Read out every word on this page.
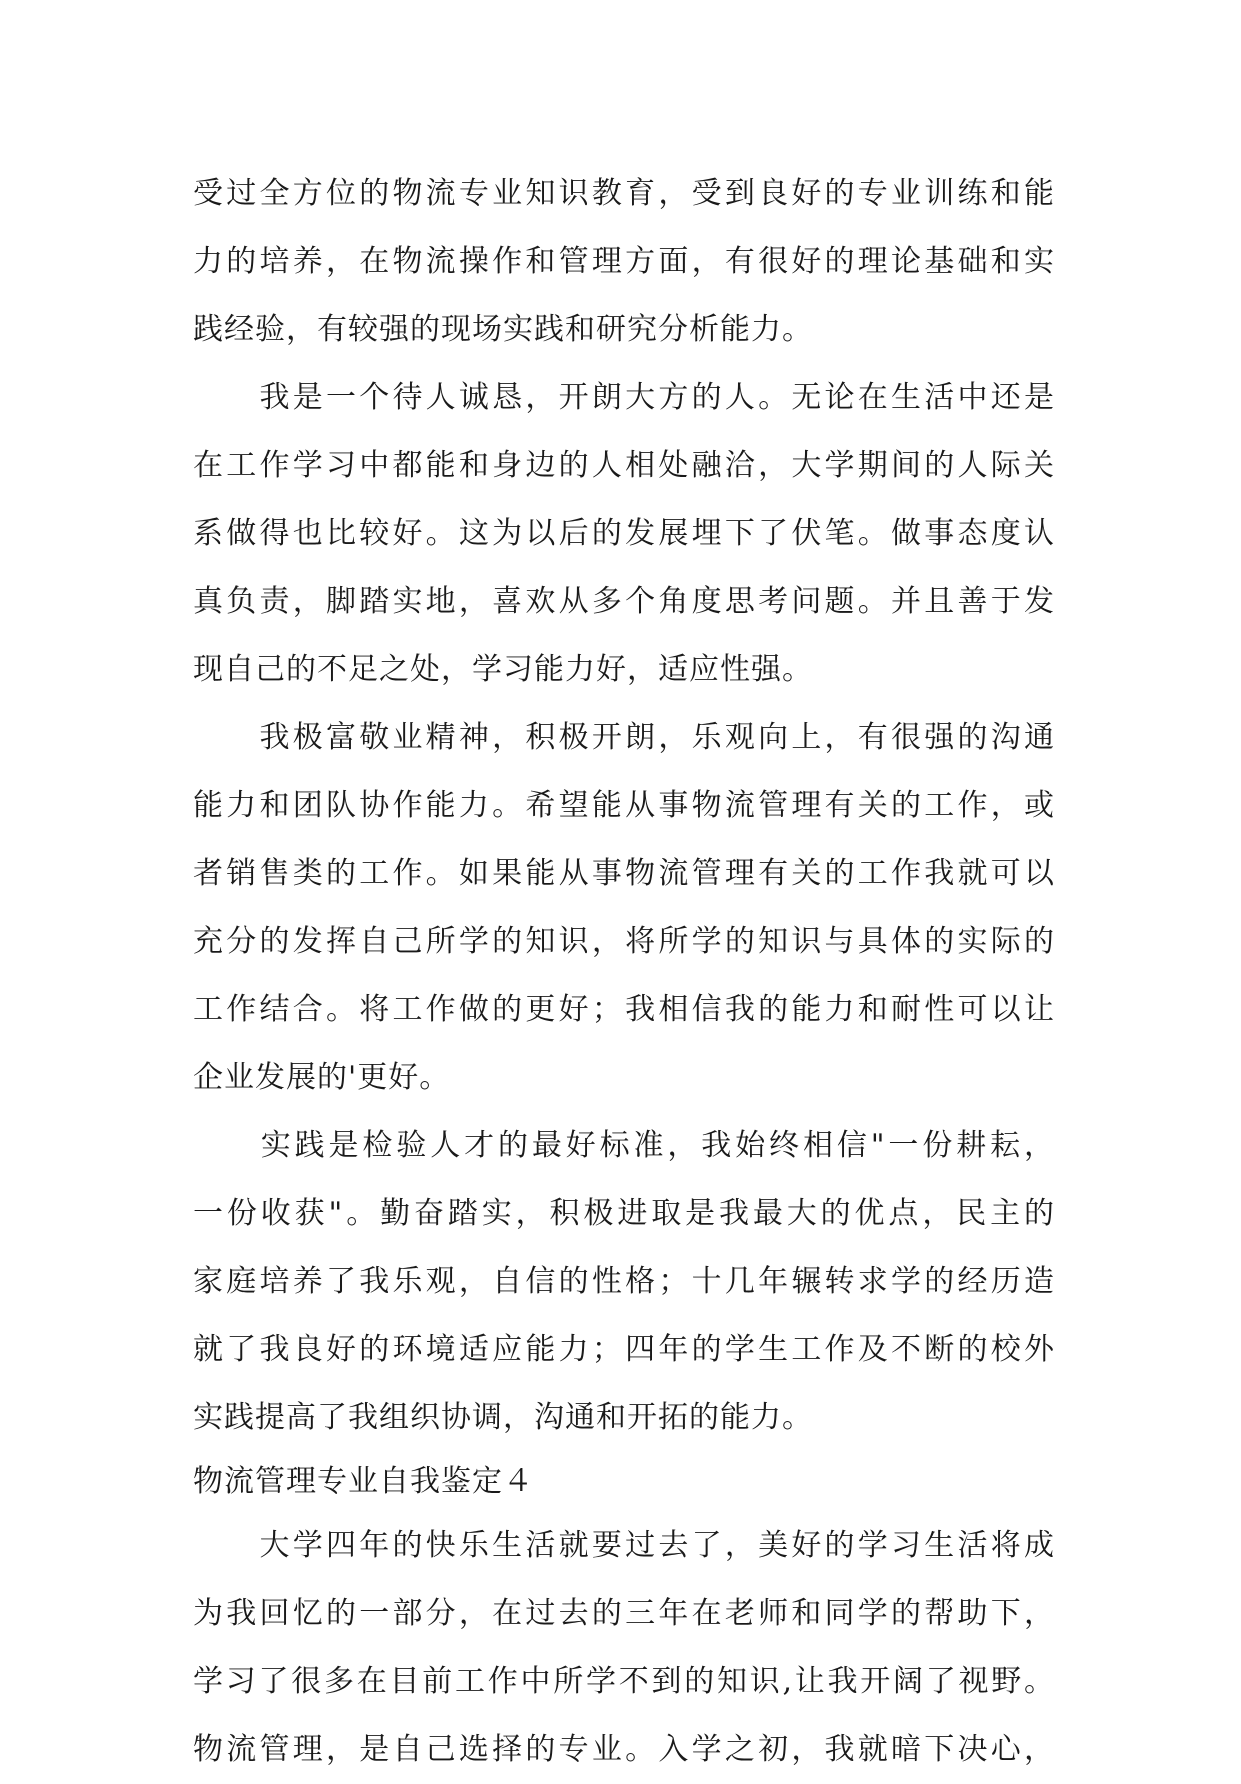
受过全方位的物流专业知识教育，受到良好的专业训练和能
力的培养，在物流操作和管理方面，有很好的理论基础和实
践经验，有较强的现场实践和研究分析能力。
　　我是一个待人诚恳，开朗大方的人。无论在生活中还是
在工作学习中都能和身边的人相处融洽，大学期间的人际关
系做得也比较好。这为以后的发展埋下了伏笔。做事态度认
真负责，脚踏实地，喜欢从多个角度思考问题。并且善于发
现自己的不足之处，学习能力好，适应性强。
　　我极富敬业精神，积极开朗，乐观向上，有很强的沟通
能力和团队协作能力。希望能从事物流管理有关的工作，或
者销售类的工作。如果能从事物流管理有关的工作我就可以
充分的发挥自己所学的知识，将所学的知识与具体的实际的
工作结合。将工作做的更好；我相信我的能力和耐性可以让
企业发展的'更好。
　　实践是检验人才的最好标准，我始终相信"一份耕耘，
一份收获"。勤奋踏实，积极进取是我最大的优点，民主的
家庭培养了我乐观，自信的性格；十几年辗转求学的经历造
就了我良好的环境适应能力；四年的学生工作及不断的校外
实践提高了我组织协调，沟通和开拓的能力。
物流管理专业自我鉴定４
　　大学四年的快乐生活就要过去了，美好的学习生活将成
为我回忆的一部分，在过去的三年在老师和同学的帮助下，
学习了很多在目前工作中所学不到的知识,让我开阔了视野。
物流管理，是自己选择的专业。入学之初，我就暗下决心，
